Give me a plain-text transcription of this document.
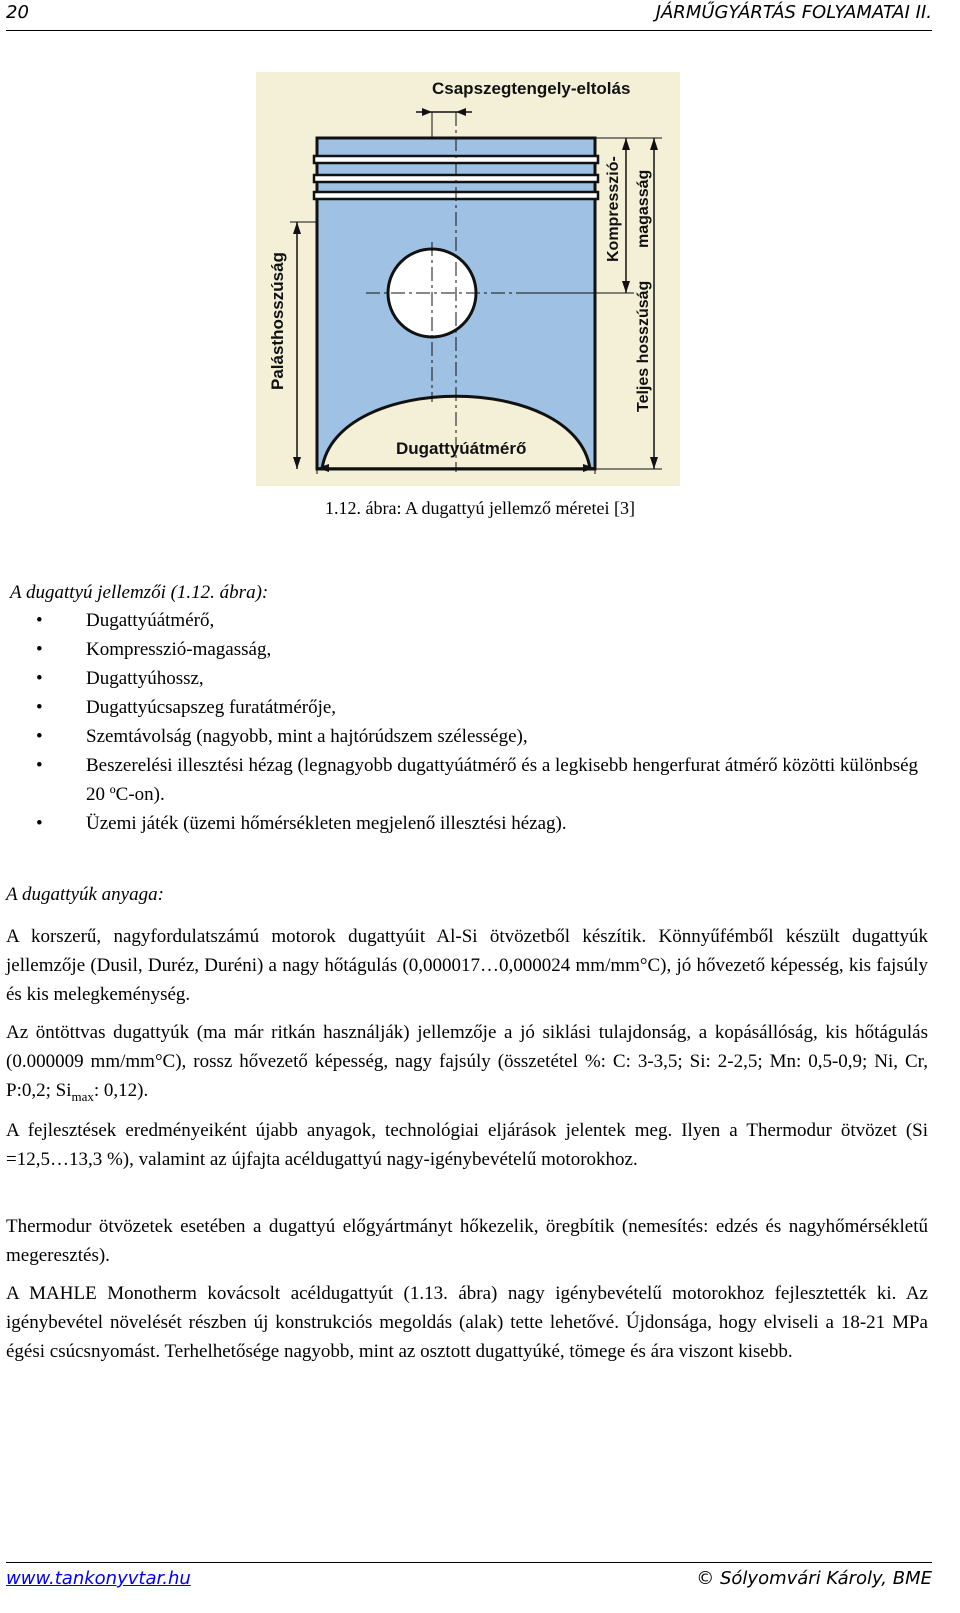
20	JÁRMŰGYÁRTÁS FOLYAMATAI II.
Csapszegtengely-eltolás
Palásthosszúság
Kompresszió- magasság
Teljes hosszúság
Dugattyúátmérő
1.12. ábra: A dugattyú jellemző méretei [3]
A dugattyú jellemzői (1.12. ábra):
• Dugattyúátmérő,
• Kompresszió-magasság,
• Dugattyúhossz,
• Dugattyúcsapszeg furatátmérője,
• Szemtávolság (nagyobb, mint a hajtórúdszem szélessége),
• Beszerelési illesztési hézag (legnagyobb dugattyúátmérő és a legkisebb hengerfurat átmérő közötti különbség 20 ºC-on).
• Üzemi játék (üzemi hőmérsékleten megjelenő illesztési hézag).
A dugattyúk anyaga:
A korszerű, nagyfordulatszámú motorok dugattyúit Al-Si ötvözetből készítik. Könnyűfémből készült dugattyúk jellemzője (Dusil, Duréz, Duréni) a nagy hőtágulás (0,000017…0,000024 mm/mm°C), jó hővezető képesség, kis fajsúly és kis melegkeménység.
Az öntöttvas dugattyúk (ma már ritkán használják) jellemzője a jó siklási tulajdonság, a kopásállóság, kis hőtágulás (0.000009 mm/mm°C), rossz hővezető képesség, nagy fajsúly (összetétel %: C: 3-3,5; Si: 2-2,5; Mn: 0,5-0,9; Ni, Cr, P:0,2; $Si_{max}$: 0,12).
A fejlesztések eredményeiként újabb anyagok, technológiai eljárások jelentek meg. Ilyen a Thermodur ötvözet (Si =12,5…13,3 %), valamint az újfajta acéldugattyú nagy-igénybevételű motorokhoz.
Thermodur ötvözetek esetében a dugattyú előgyártmányt hőkezelik, öregbítik (nemesítés: edzés és nagyhőmérsékletű megeresztés).
A MAHLE Monotherm kovácsolt acéldugattyút (1.13. ábra) nagy igénybevételű motorokhoz fejlesztették ki. Az igénybevétel növelését részben új konstrukciós megoldás (alak) tette lehetővé. Újdonsága, hogy elviseli a 18-21 MPa égési csúcsnyomást. Terhelhetősége nagyobb, mint az osztott dugattyúké, tömege és ára viszont kisebb.
www.tankonyvtar.hu	© Sólyomvári Károly, BME
